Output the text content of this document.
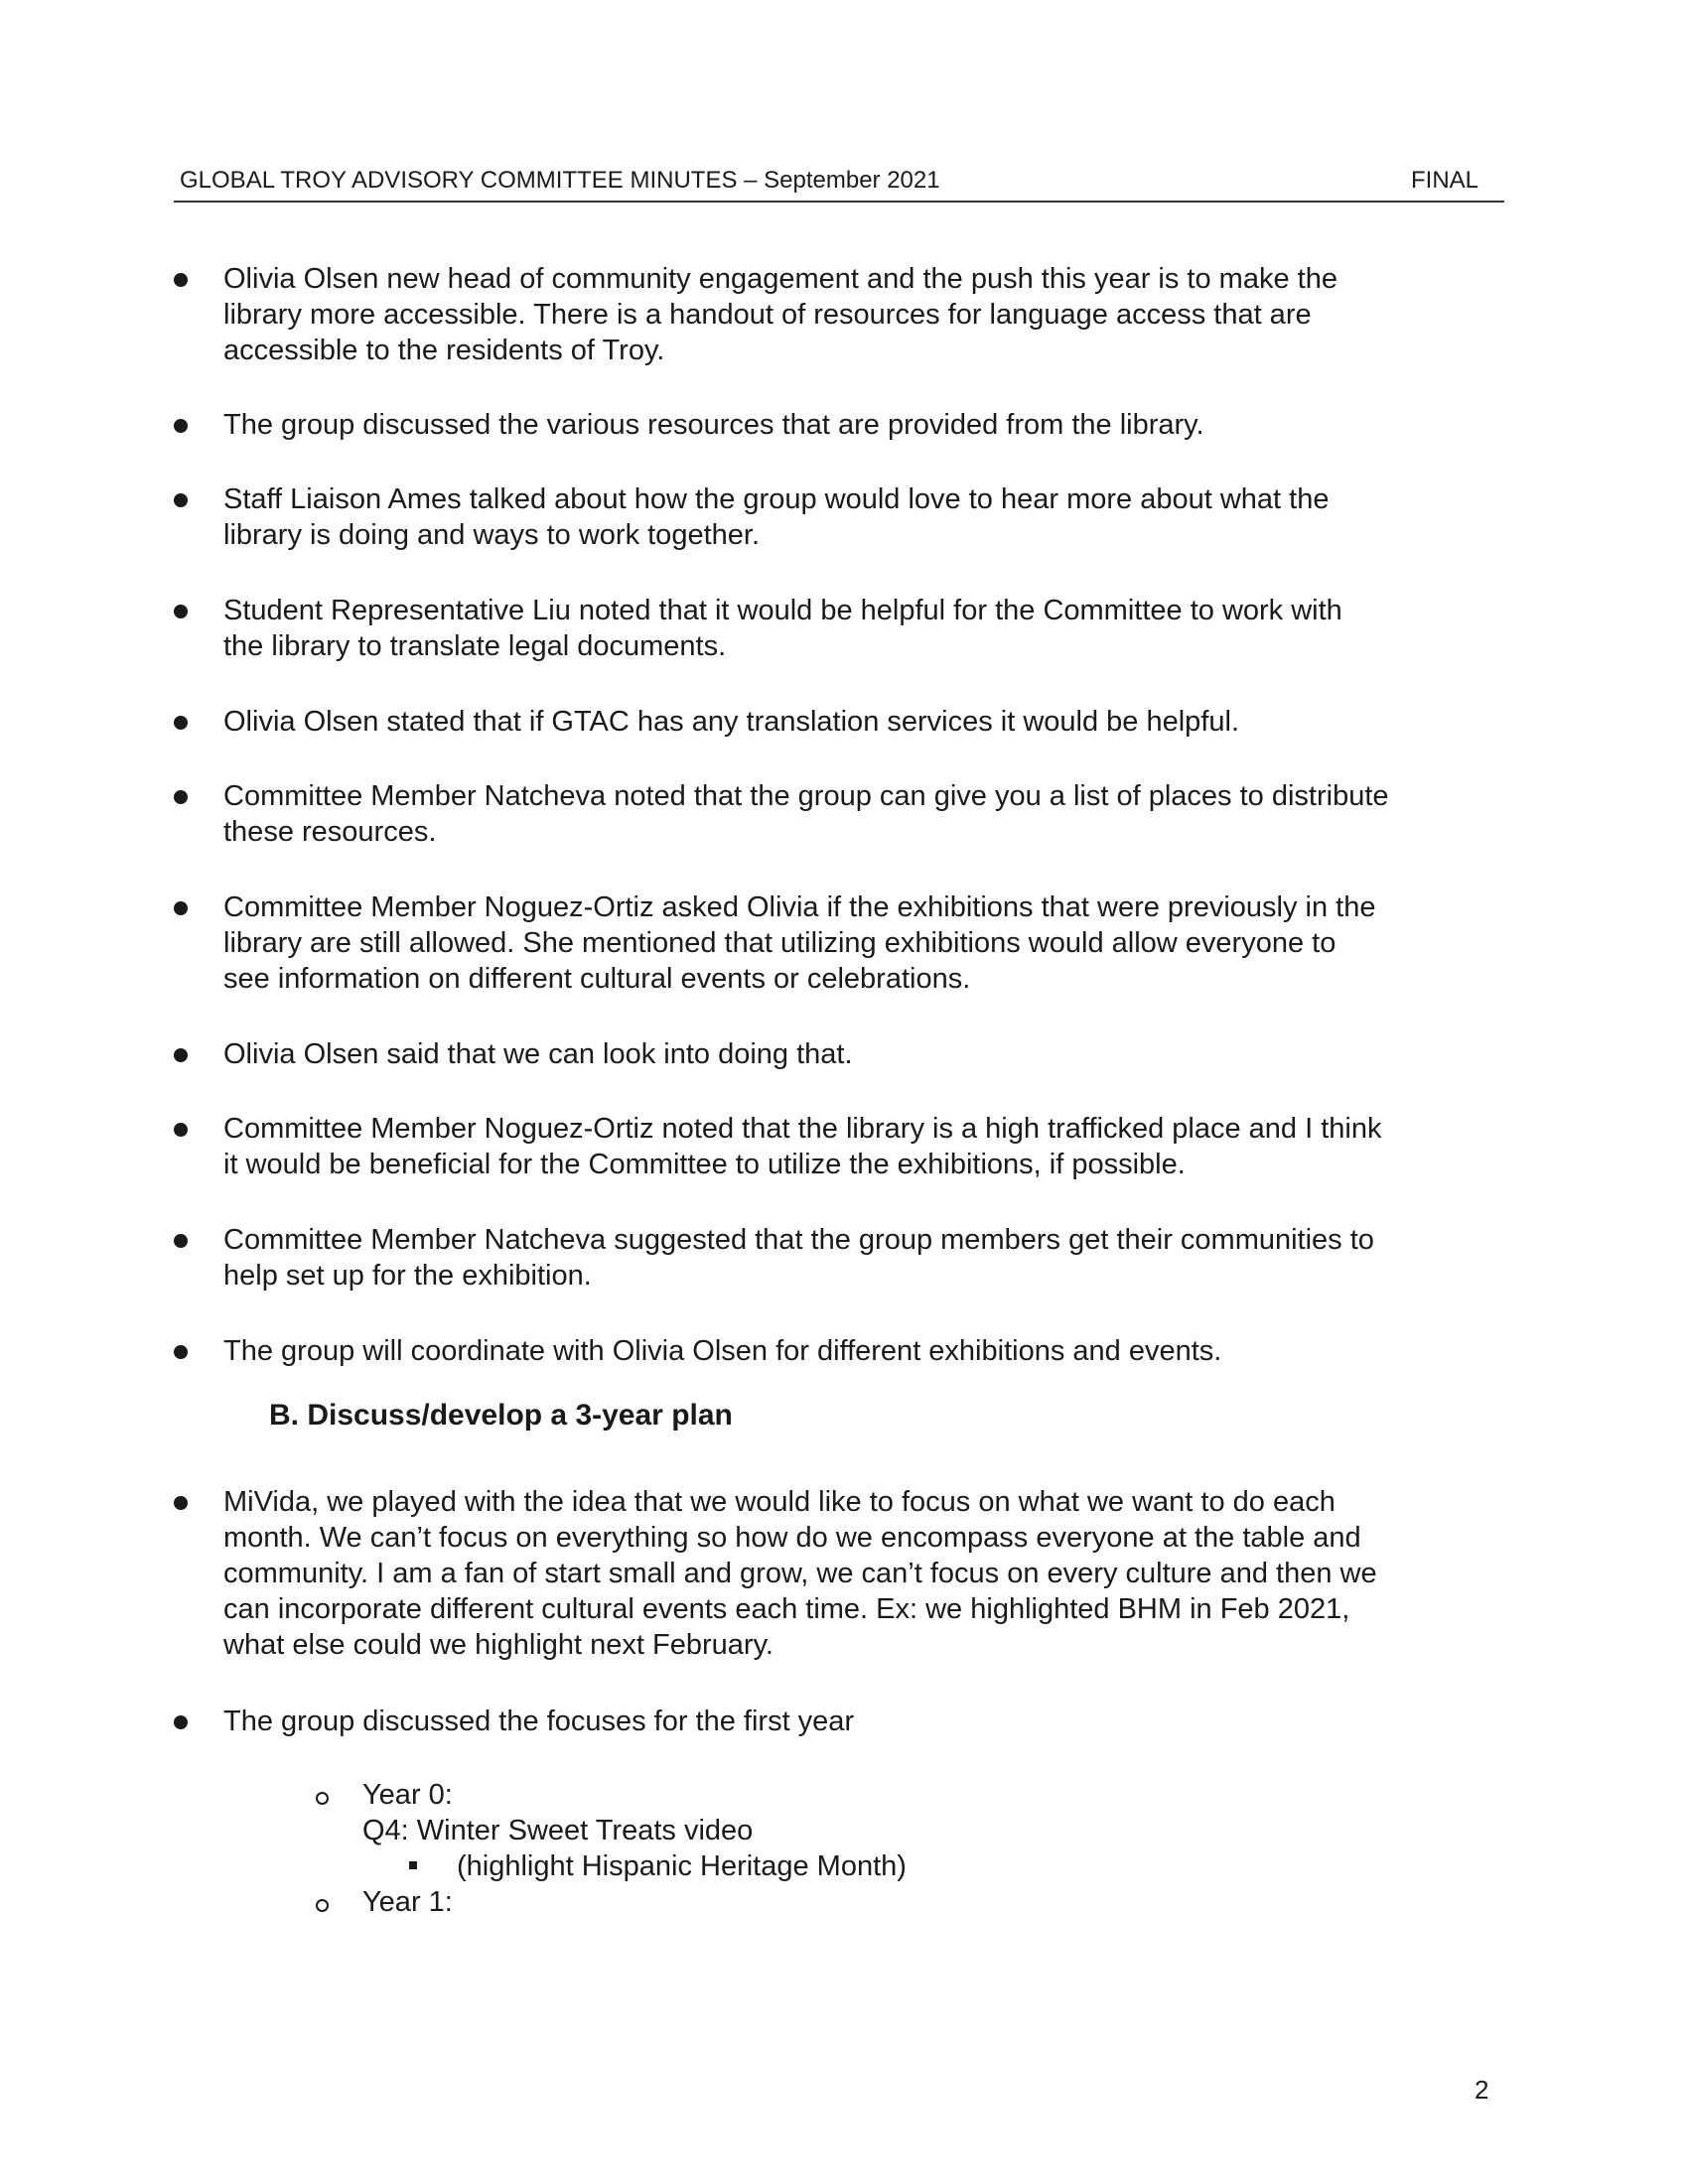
GLOBAL TROY ADVISORY COMMITTEE MINUTES – September 2021	FINAL

Olivia Olsen new head of community engagement and the push this year is to make the
library more accessible. There is a handout of resources for language access that are
accessible to the residents of Troy.

The group discussed the various resources that are provided from the library.

Staff Liaison Ames talked about how the group would love to hear more about what the
library is doing and ways to work together.

Student Representative Liu noted that it would be helpful for the Committee to work with
the library to translate legal documents.

Olivia Olsen stated that if GTAC has any translation services it would be helpful.

Committee Member Natcheva noted that the group can give you a list of places to distribute
these resources.

Committee Member Noguez-Ortiz asked Olivia if the exhibitions that were previously in the
library are still allowed. She mentioned that utilizing exhibitions would allow everyone to
see information on different cultural events or celebrations.

Olivia Olsen said that we can look into doing that.

Committee Member Noguez-Ortiz noted that the library is a high trafficked place and I think
it would be beneficial for the Committee to utilize the exhibitions, if possible.

Committee Member Natcheva suggested that the group members get their communities to
help set up for the exhibition.

The group will coordinate with Olivia Olsen for different exhibitions and events.

B. Discuss/develop a 3-year plan

MiVida, we played with the idea that we would like to focus on what we want to do each
month. We can’t focus on everything so how do we encompass everyone at the table and
community. I am a fan of start small and grow, we can’t focus on every culture and then we
can incorporate different cultural events each time. Ex: we highlighted BHM in Feb 2021,
what else could we highlight next February.

The group discussed the focuses for the first year

Year 0:
Q4: Winter Sweet Treats video
(highlight Hispanic Heritage Month)
Year 1:
2
